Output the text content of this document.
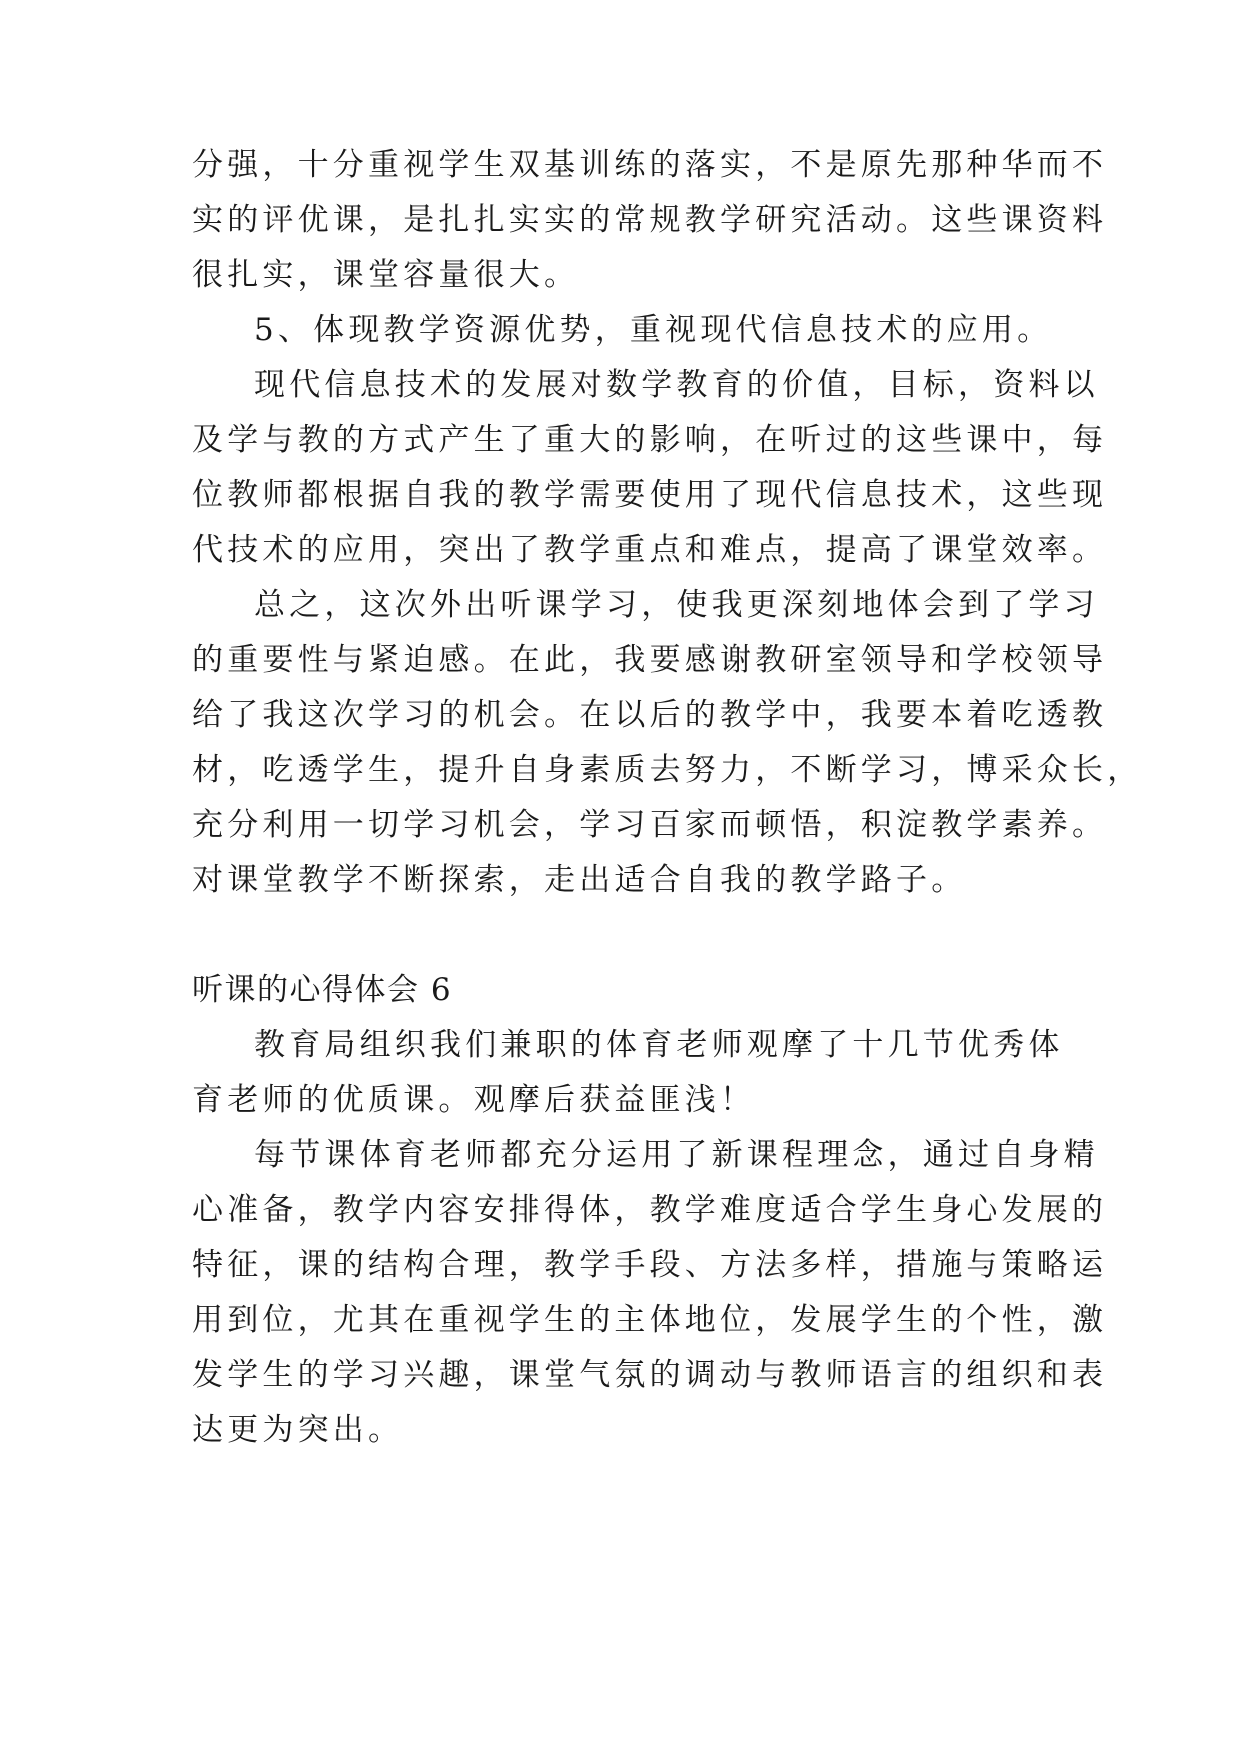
分强，十分重视学生双基训练的落实，不是原先那种华而不
实的评优课，是扎扎实实的常规教学研究活动。这些课资料
很扎实，课堂容量很大。
5、体现教学资源优势，重视现代信息技术的应用。
现代信息技术的发展对数学教育的价值，目标，资料以
及学与教的方式产生了重大的影响，在听过的这些课中，每
位教师都根据自我的教学需要使用了现代信息技术，这些现
代技术的应用，突出了教学重点和难点，提高了课堂效率。
总之，这次外出听课学习，使我更深刻地体会到了学习
的重要性与紧迫感。在此，我要感谢教研室领导和学校领导
给了我这次学习的机会。在以后的教学中，我要本着吃透教
材，吃透学生，提升自身素质去努力，不断学习，博采众长，
充分利用一切学习机会，学习百家而顿悟，积淀教学素养。
对课堂教学不断探索，走出适合自我的教学路子。
听课的心得体会 6
教育局组织我们兼职的体育老师观摩了十几节优秀体
育老师的优质课。观摩后获益匪浅！
每节课体育老师都充分运用了新课程理念，通过自身精
心准备，教学内容安排得体，教学难度适合学生身心发展的
特征，课的结构合理，教学手段、方法多样，措施与策略运
用到位，尤其在重视学生的主体地位，发展学生的个性，激
发学生的学习兴趣，课堂气氛的调动与教师语言的组织和表
达更为突出。
